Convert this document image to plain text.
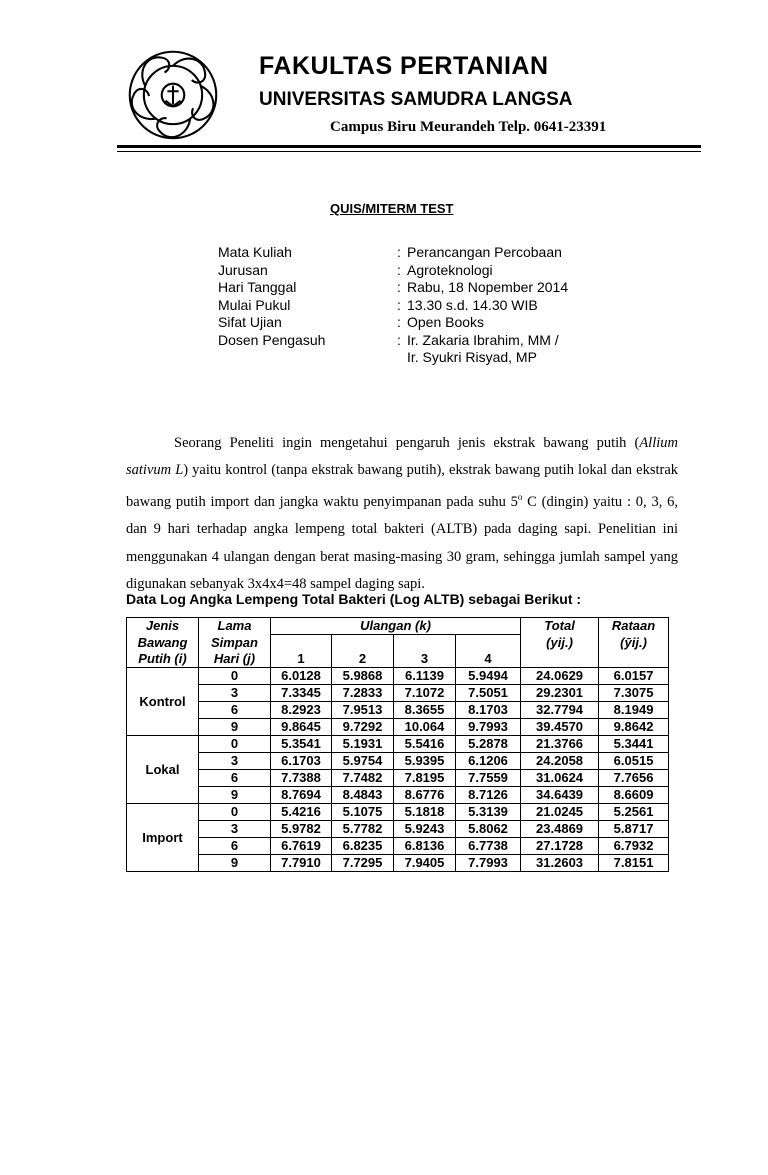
FAKULTAS PERTANIAN
UNIVERSITAS SAMUDRA LANGSA
Campus Biru Meurandeh Telp. 0641-23391
QUIS/MITERM TEST
Mata Kuliah	: Perancangan Percobaan
Jurusan	: Agroteknologi
Hari Tanggal	: Rabu, 18 Nopember 2014
Mulai Pukul	: 13.30 s.d. 14.30 WIB
Sifat Ujian	: Open Books
Dosen Pengasuh	: Ir. Zakaria Ibrahim, MM /
Ir. Syukri Risyad, MP

Seorang Peneliti ingin mengetahui pengaruh jenis ekstrak bawang putih (Allium sativum L) yaitu kontrol (tanpa ekstrak bawang putih), ekstrak bawang putih lokal dan ekstrak bawang putih import dan jangka waktu penyimpanan pada suhu 5$^o$ C (dingin) yaitu : 0, 3, 6, dan 9 hari terhadap angka lempeng total bakteri (ALTB) pada daging sapi. Penelitian ini menggunakan 4 ulangan dengan berat masing-masing 30 gram, sehingga jumlah sampel yang digunakan sebanyak 3x4x4=48 sampel daging sapi.

Data Log Angka Lempeng Total Bakteri (Log ALTB) sebagai Berikut :
Jenis	Lama	Ulangan (k)				Total	Rataan
Bawang	Simpan					(yij.)	(ȳij.)
Putih (i)	Hari (j)	1	2	3	4		
Kontrol	0	6.0128	5.9868	6.1139	5.9494	24.0629	6.0157
	3	7.3345	7.2833	7.1072	7.5051	29.2301	7.3075
	6	8.2923	7.9513	8.3655	8.1703	32.7794	8.1949
	9	9.8645	9.7292	10.064	9.7993	39.4570	9.8642
Lokal	0	5.3541	5.1931	5.5416	5.2878	21.3766	5.3441
	3	6.1703	5.9754	5.9395	6.1206	24.2058	6.0515
	6	7.7388	7.7482	7.8195	7.7559	31.0624	7.7656
	9	8.7694	8.4843	8.6776	8.7126	34.6439	8.6609
Import	0	5.4216	5.1075	5.1818	5.3139	21.0245	5.2561
	3	5.9782	5.7782	5.9243	5.8062	23.4869	5.8717
	6	6.7619	6.8235	6.8136	6.7738	27.1728	6.7932
	9	7.7910	7.7295	7.9405	7.7993	31.2603	7.8151
